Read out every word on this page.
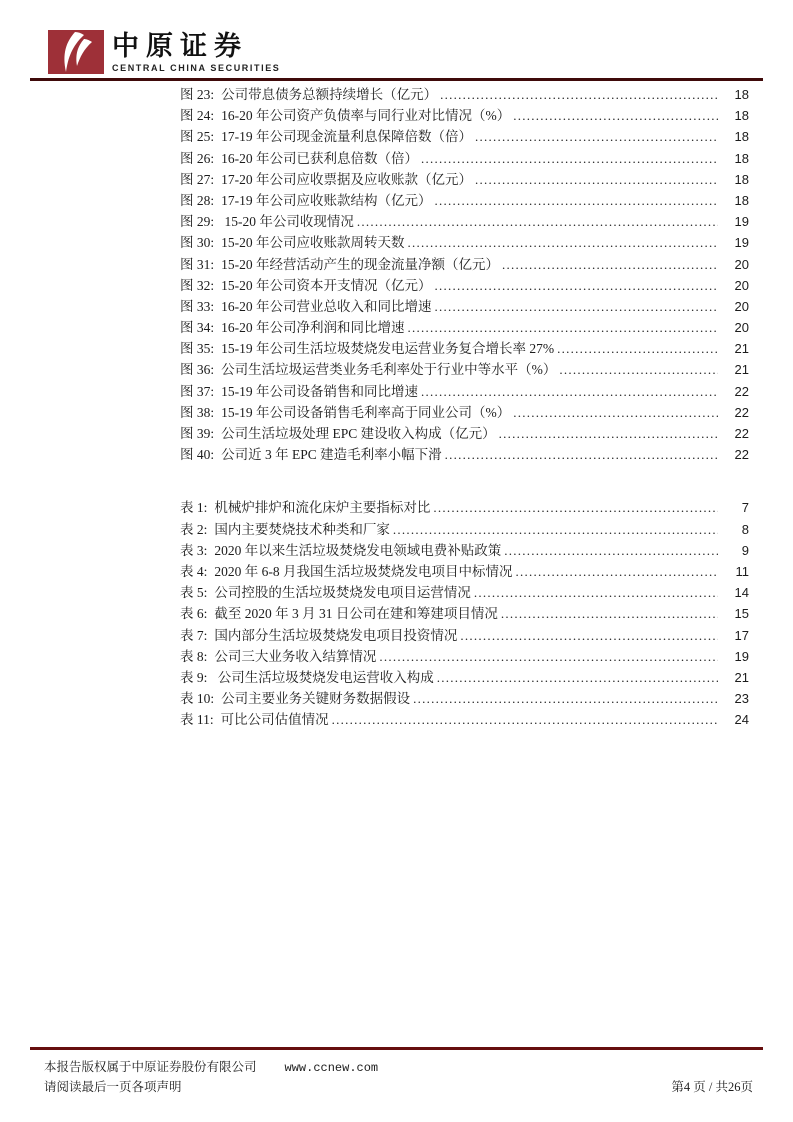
中原证券
CENTRAL CHINA SECURITIES
图 23: 公司带息债务总额持续增长（亿元） . . .	18
图 24: 16-20 年公司资产负债率与同行业对比情况（%） . . .	18
图 25: 17-19 年公司现金流量利息保障倍数（倍） . . .	18
图 26: 16-20 年公司已获利息倍数（倍） . . .	18
图 27: 17-20 年公司应收票据及应收账款（亿元） . . .	18
图 28: 17-19 年公司应收账款结构（亿元） . . .	18
图 29: 15-20 年公司收现情况 . . .	19
图 30: 15-20 年公司应收账款周转天数 . . .	19
图 31: 15-20 年经营活动产生的现金流量净额（亿元） . . .	20
图 32: 15-20 年公司资本开支情况（亿元） . . .	20
图 33: 16-20 年公司营业总收入和同比增速 . . .	20
图 34: 16-20 年公司净利润和同比增速 . . .	20
图 35: 15-19 年公司生活垃圾焚烧发电运营业务复合增长率 27% . . .	21
图 36: 公司生活垃圾运营类业务毛利率处于行业中等水平（%） . . .	21
图 37: 15-19 年公司设备销售和同比增速 . . .	22
图 38: 15-19 年公司设备销售毛利率高于同业公司（%） . . .	22
图 39: 公司生活垃圾处理 EPC 建设收入构成（亿元） . . .	22
图 40: 公司近 3 年 EPC 建造毛利率小幅下滑 . . .	22
表 1: 机械炉排炉和流化床炉主要指标对比 . . .	7
表 2: 国内主要焚烧技术种类和厂家 . . .	8
表 3: 2020 年以来生活垃圾焚烧发电领域电费补贴政策 . . .	9
表 4: 2020 年 6-8 月我国生活垃圾焚烧发电项目中标情况 . . .	11
表 5: 公司控股的生活垃圾焚烧发电项目运营情况 . . .	14
表 6: 截至 2020 年 3 月 31 日公司在建和筹建项目情况 . . .	15
表 7: 国内部分生活垃圾焚烧发电项目投资情况 . . .	17
表 8: 公司三大业务收入结算情况 . . .	19
表 9: 公司生活垃圾焚烧发电运营收入构成 . . .	21
表 10: 公司主要业务关键财务数据假设 . . .	23
表 11: 可比公司估值情况 . . .	24
本报告版权属于中原证券股份有限公司 www.ccnew.com
请阅读最后一页各项声明	第4 页 / 共26页
